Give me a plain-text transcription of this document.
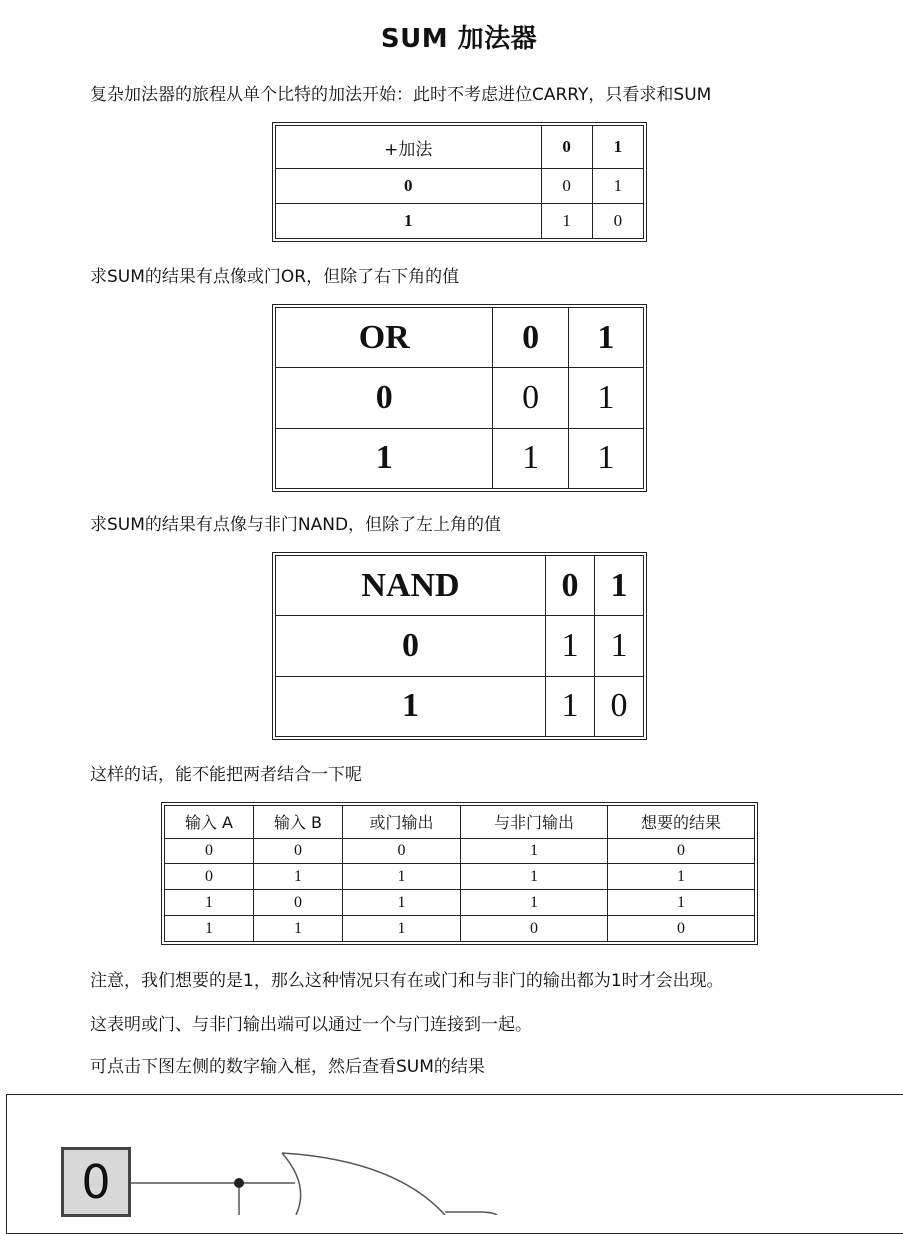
SUM 加法器
复杂加法器的旅程从单个比特的加法开始：此时不考虑进位CARRY，只看求和SUM
+加法	0	1
0	0	1
1	1	0
求SUM的结果有点像或门OR，但除了右下角的值
OR	0	1
0	0	1
1	1	1
求SUM的结果有点像与非门NAND，但除了左上角的值
NAND	0	1
0	1	1
1	1	0
这样的话，能不能把两者结合一下呢
输入 A	输入 B	或门输出	与非门输出	想要的结果
0	0	0	1	0
0	1	1	1	1
1	0	1	1	1
1	1	1	0	0
注意，我们想要的是1，那么这种情况只有在或门和与非门的输出都为1时才会出现。
这表明或门、与非门输出端可以通过一个与门连接到一起。
可点击下图左侧的数字输入框，然后查看SUM的结果
0
